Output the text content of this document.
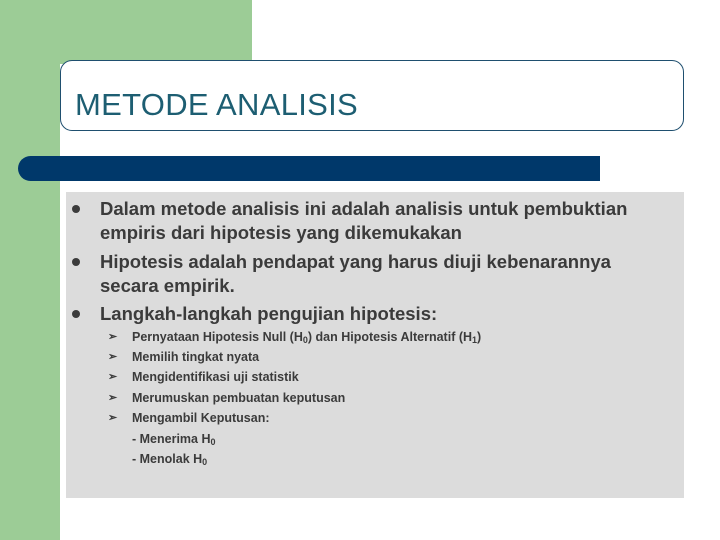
METODE ANALISIS
Dalam metode analisis ini adalah analisis untuk pembuktian
empiris dari hipotesis yang dikemukakan
Hipotesis adalah pendapat yang harus diuji kebenarannya
secara empirik.
Langkah-langkah pengujian hipotesis:
➢ Pernyataan Hipotesis Null $(H_0)$ dan Hipotesis Alternatif $(H_1)$
➢ Memilih tingkat nyata
➢ Mengidentifikasi uji statistik
➢ Merumuskan pembuatan keputusan
➢ Mengambil Keputusan:
- Menerima $H_0$
- Menolak $H_0$
